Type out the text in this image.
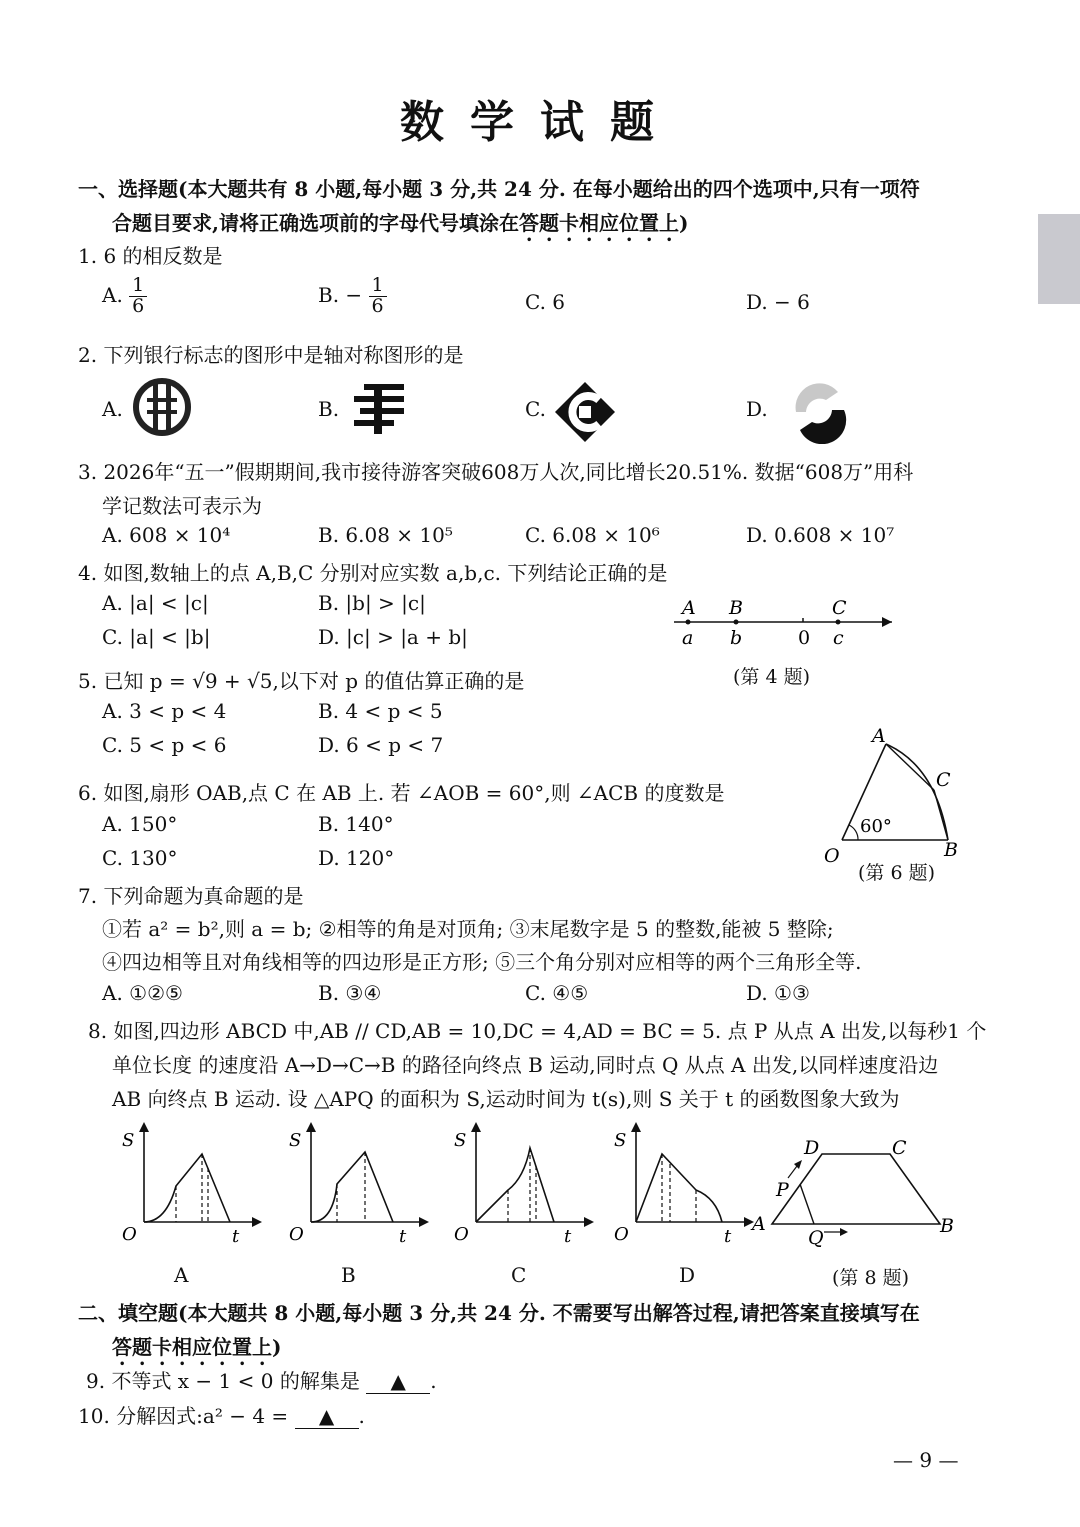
数学试题
一、选择题(本大题共有 8 小题,每小题 3 分,共 24 分. 在每小题给出的四个选项中,只有一项符
合题目要求,请将正确选项前的字母代号填涂在答题卡相应位置上)
1. 6 的相反数是
A. $\frac{1}{6}$	B. − $\frac{1}{6}$	C. 6	D. − 6
2. 下列银行标志的图形中是轴对称图形的是
A.	B.	C.	D.
3. 2026年“五一”假期期间,我市接待游客突破608万人次,同比增长20.51%. 数据“608万”用科
学记数法可表示为
A. 608 × 10⁴	B. 6.08 × 10⁵	C. 6.08 × 10⁶	D. 0.608 × 10⁷
4. 如图,数轴上的点 A,B,C 分别对应实数 a,b,c. 下列结论正确的是
A. |a| < |c|	B. |b| > |c|
C. |a| < |b|	D. |c| > |a + b|
A B	C
a b	0 c
(第 4 题)
5. 已知 p = √9 + √5,以下对 p 的值估算正确的是
A. 3 < p < 4	B. 4 < p < 5
C. 5 < p < 6	D. 6 < p < 7
6. 如图,扇形 OAB,点 C 在 AB 上. 若 ∠AOB = 60°,则 ∠ACB 的度数是
A. 150°	B. 140°
C. 130°	D. 120°
A
C
B
O
60°
(第 6 题)
7. 下列命题为真命题的是
①若 a² = b²,则 a = b; ②相等的角是对顶角; ③末尾数字是 5 的整数,能被 5 整除;
④四边相等且对角线相等的四边形是正方形; ⑤三个角分别对应相等的两个三角形全等.
A. ①②⑤	B. ③④	C. ④⑤	D. ①③
8. 如图,四边形 ABCD 中,AB // CD,AB = 10,DC = 4,AD = BC = 5. 点 P 从点 A 出发,以每秒1 个
单位长度 的速度沿 A→D→C→B 的路径向终点 B 运动,同时点 Q 从点 A 出发,以同样速度沿边
AB 向终点 B 运动. 设 △APQ 的面积为 S,运动时间为 t(s),则 S 关于 t 的函数图象大致为
S
O	t
S
O	t
S
O	t
S
O	t
A	B
C
D
P
Q
A	B	C	D	(第 8 题)
二、填空题(本大题共 8 小题,每小题 3 分,共 24 分. 不需要写出解答过程,请把答案直接填写在
答题卡相应位置上)
9. 不等式 x − 1 < 0 的解集是 ▲ .
10. 分解因式:a² − 4 = ▲ .
— 9 —
